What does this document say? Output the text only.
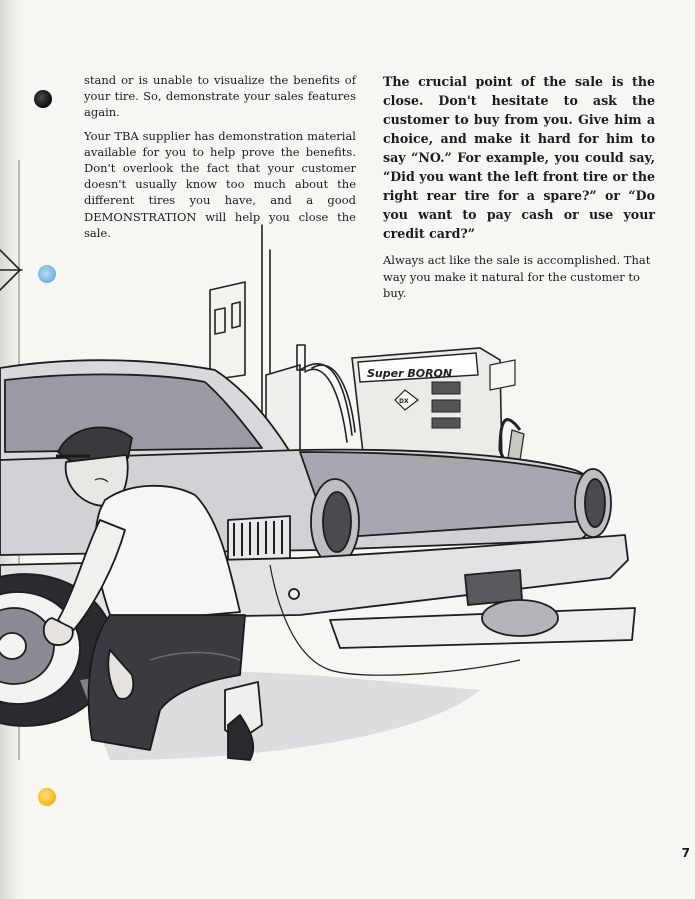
stand or is unable to visualize the benefits of your tire. So, demonstrate your sales features again.

Your TBA supplier has demonstration material available for you to help prove the benefits. Don't overlook the fact that your customer doesn't usually know too much about the different tires you have, and a good DEMONSTRATION will help you close the sale.

The crucial point of the sale is the close. Don't hesitate to ask the customer to buy from you. Give him a choice, and make it hard for him to say “NO.” For example, you could say, “Did you want the left front tire or the right rear tire for a spare?” or “Do you want to pay cash or use your credit card?”

Always act like the sale is accomplished. That way you make it natural for the customer to buy.

Super BORON
DX
7
